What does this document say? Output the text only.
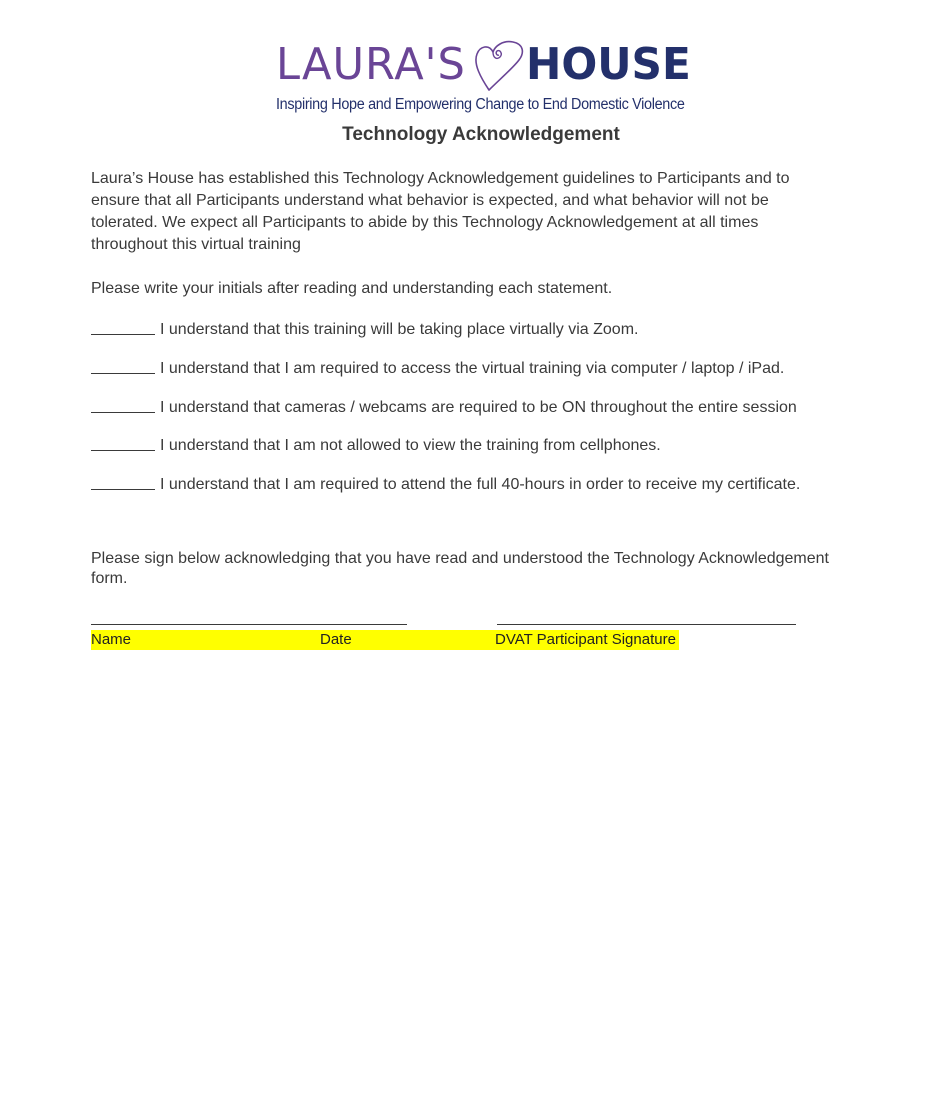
LAURA'S HOUSE
Inspiring Hope and Empowering Change to End Domestic Violence
Technology Acknowledgement
Laura’s House has established this Technology Acknowledgement guidelines to Participants and to
ensure that all Participants understand what behavior is expected, and what behavior will not be
tolerated. We expect all Participants to abide by this Technology Acknowledgement at all times
throughout this virtual training
Please write your initials after reading and understanding each statement.
I understand that this training will be taking place virtually via Zoom.
I understand that I am required to access the virtual training via computer / laptop / iPad.
I understand that cameras / webcams are required to be ON throughout the entire session
I understand that I am not allowed to view the training from cellphones.
I understand that I am required to attend the full 40-hours in order to receive my certificate.
Please sign below acknowledging that you have read and understood the Technology Acknowledgement
form.
Name	Date	DVAT Participant Signature
